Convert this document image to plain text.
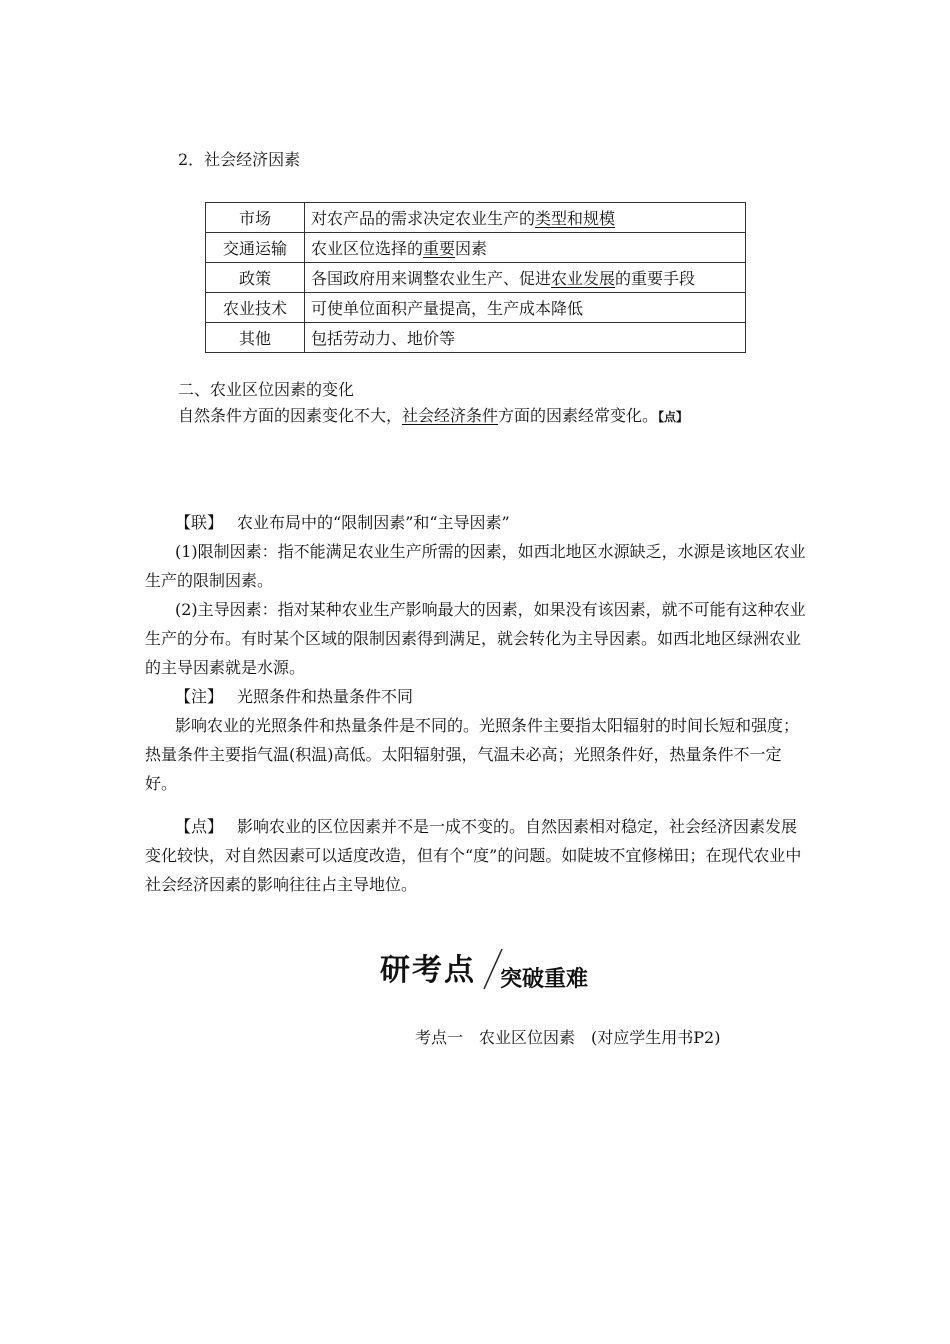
2．社会经济因素
市场	对农产品的需求决定农业生产的类型和规模
交通运输	农业区位选择的重要因素
政策	各国政府用来调整农业生产、促进农业发展的重要手段
农业技术	可使单位面积产量提高，生产成本降低
其他	包括劳动力、地价等
二、农业区位因素的变化
自然条件方面的因素变化不大，社会经济条件方面的因素经常变化。【点】
【联】 农业布局中的“限制因素”和“主导因素”
(1)限制因素：指不能满足农业生产所需的因素，如西北地区水源缺乏，水源是该地区农业生产的限制因素。
(2)主导因素：指对某种农业生产影响最大的因素，如果没有该因素，就不可能有这种农业生产的分布。有时某个区域的限制因素得到满足，就会转化为主导因素。如西北地区绿洲农业的主导因素就是水源。
【注】 光照条件和热量条件不同
影响农业的光照条件和热量条件是不同的。光照条件主要指太阳辐射的时间长短和强度；热量条件主要指气温(积温)高低。太阳辐射强，气温未必高；光照条件好，热量条件不一定好。
【点】 影响农业的区位因素并不是一成不变的。自然因素相对稳定，社会经济因素发展变化较快，对自然因素可以适度改造，但有个“度”的问题。如陡坡不宜修梯田；在现代农业中社会经济因素的影响往往占主导地位。
研考点 突破重难
考点一　农业区位因素　(对应学生用书P2)
